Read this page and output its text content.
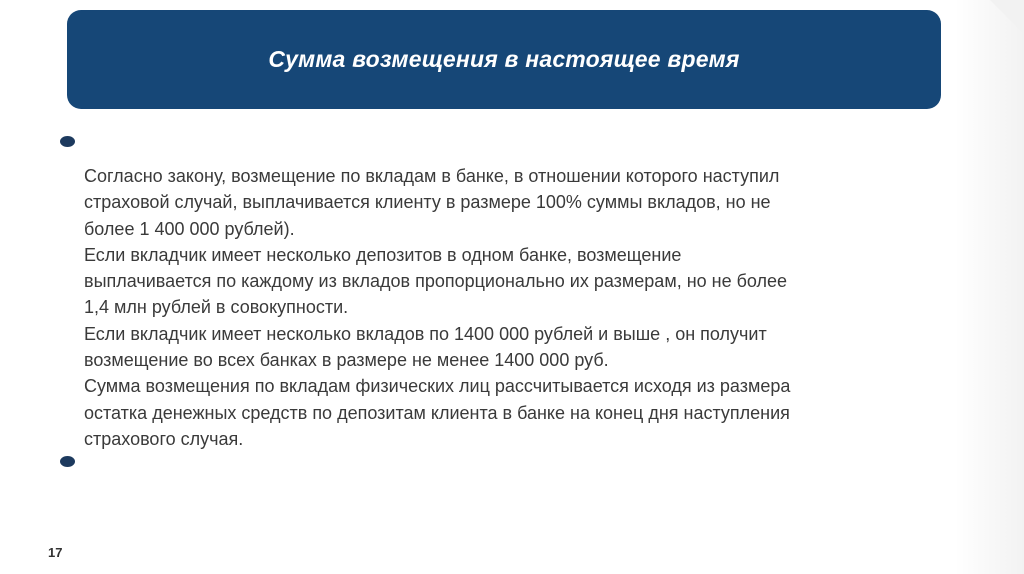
Сумма возмещения в настоящее время
Согласно закону, возмещение по вкладам в банке, в отношении которого наступил
страховой случай, выплачивается клиенту в размере 100% суммы вкладов, но не
более 1 400 000 рублей).
Если вкладчик имеет несколько депозитов в одном банке, возмещение
выплачивается по каждому из вкладов пропорционально их размерам, но не более
1,4 млн рублей в совокупности.
Если вкладчик имеет несколько вкладов по 1400 000 рублей и выше , он получит
возмещение во всех банках в размере не менее 1400 000 руб.
Сумма возмещения по вкладам физических лиц рассчитывается исходя из размера
остатка денежных средств по депозитам клиента в банке на конец дня наступления
страхового случая.
17
